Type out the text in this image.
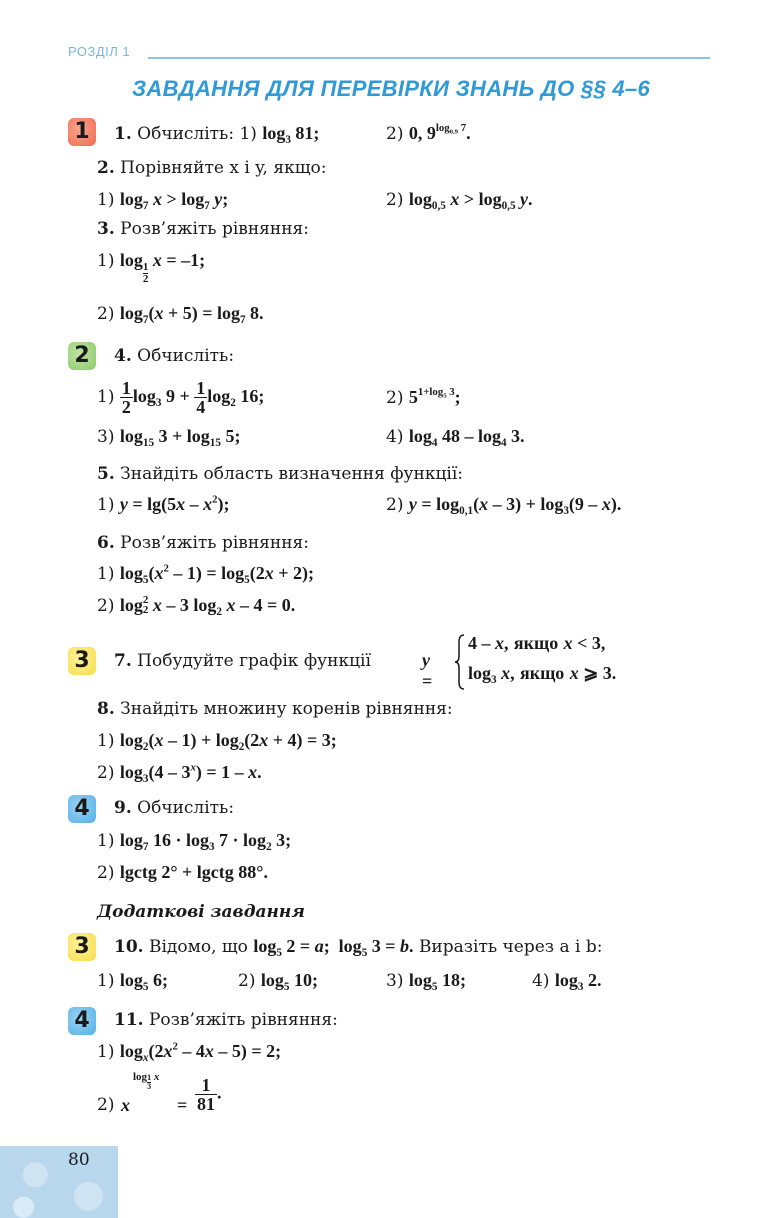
РОЗДІЛ 1
ЗАВДАННЯ ДЛЯ ПЕРЕВІРКИ ЗНАНЬ ДО §§ 4–6
1	1. Обчисліть: 1) $\log_3 81$;	2) 0, $9^{log_{0,9} 7}$.
2. Порівняйте x і y, якщо:
1) $\log_7 x > \log_7 y$;	2) $\log_{0,5} x > \log_{0,5} y$.
3. Розв’яжіть рівняння:
1) log
$\frac{1}{2}$
x = –1;
2) $\log_7(x + 5) = \log_7 8$.
2	4. Обчисліть:
$1) \frac{1}{2} \log_3 9 + \frac{1}{4} \log_2 16$;	2) $5^{1+log_5 3}$;
3) $\log_{15} 3 + \log_{15} 5$;	4) $\log_4 48 - \log_4 3$.
5. Знайдіть область визначення функції:
1) $y = \lg(5x - x^2)$;	2) $y = \log_{0,1}(x - 3) + \log_3(9 - x)$.
6. Розв’яжіть рівняння:
1) $\log_5(x^2 - 1) = \log_5(2x + 2)$;
2) log 2
2 x – 3 $\log_2 x - 4 = 0$.
3	7. Побудуйте графік функції	y =
4 – x, якщо x < 3,
$\log_3 x$, якщо x ⩾ 3.
8. Знайдіть множину коренів рівняння:
1) $\log_2(x - 1) + \log_2(2x + 4) = 3$;
2) $\log_3(4 - 3^x) = 1 - x$.
4	9. Обчисліть:
1) $\log_7 16 \cdot \log_3 7 \cdot \log_2 3$;
2) lgctg 2° + lgctg 88°.
Додаткові завдання
3	10. Відомо, що $\log_5 2 = a$;  $\log_5 3 = b$. Виразіть через a і b:
1) $\log_5 6$;	2) $\log_5 10$;	3) $\log_5 18$;	4) $\log_3 2$.
4	11. Розв’яжіть рівняння:
1) $\log_x(2x^2 - 4x - 5) = 2$;
2) x
$\log \frac{1}{3}$ x
= $\frac{1}{81}$ .
80
